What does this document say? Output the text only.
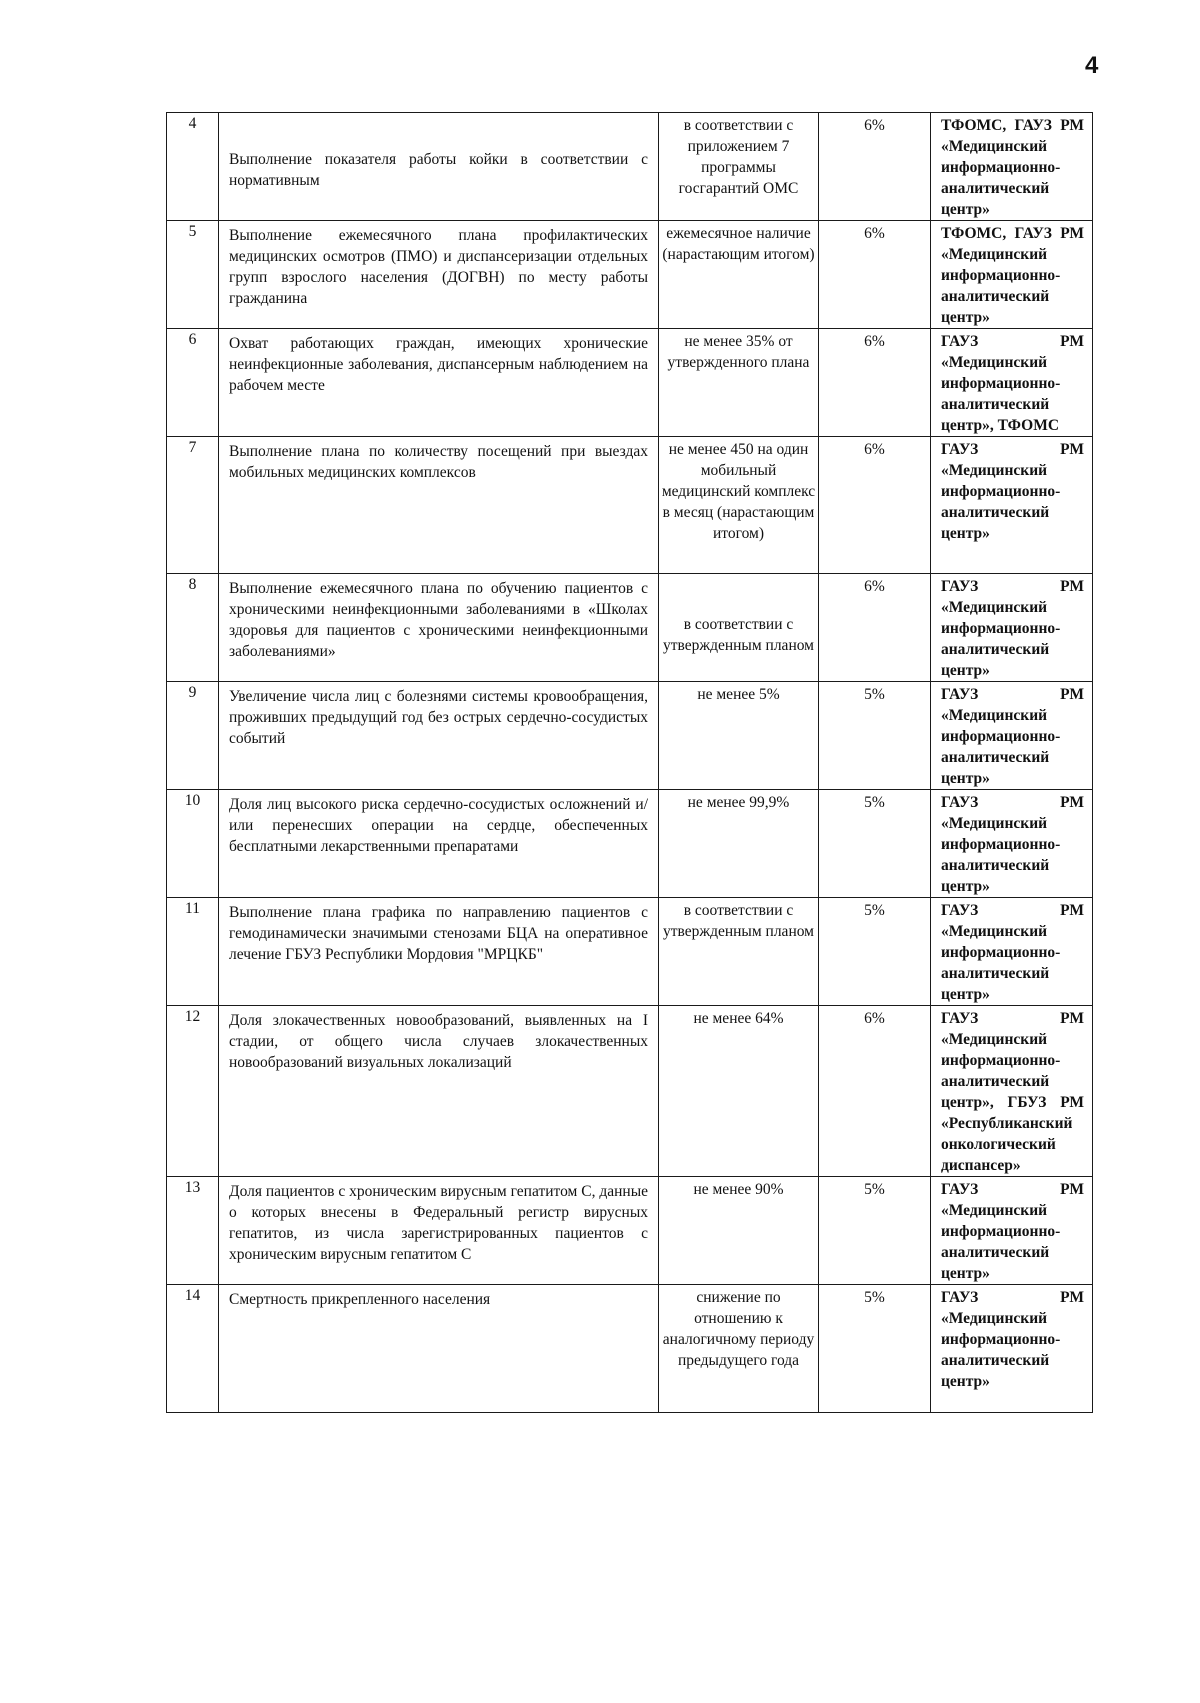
4
4	Выполнение показателя работы койки в соответствии с нормативным	в соответствии с приложением 7 программы госгарантий ОМС	6%	ТФОМС, ГАУЗ РМ «Медицинский информационно-аналитический центр»
5	Выполнение ежемесячного плана профилактических медицинских осмотров (ПМО) и диспансеризации отдельных групп взрослого населения (ДОГВН) по месту работы гражданина	ежемесячное наличие (нарастающим итогом)	6%	ТФОМС, ГАУЗ РМ «Медицинский информационно-аналитический центр»
6	Охват работающих граждан, имеющих хронические неинфекционные заболевания, диспансерным наблюдением на рабочем месте	не менее 35% от утвержденного плана	6%	ГАУЗ РМ «Медицинский информационно-аналитический центр», ТФОМС
7	Выполнение плана по количеству посещений при выездах мобильных медицинских комплексов	не менее 450 на один мобильный медицинский комплекс в месяц (нарастающим итогом)	6%	ГАУЗ РМ «Медицинский информационно-аналитический центр»
8	Выполнение ежемесячного плана по обучению пациентов с хроническими неинфекционными заболеваниями в «Школах здоровья для пациентов с хроническими неинфекционными заболеваниями»	в соответствии с утвержденным планом	6%	ГАУЗ РМ «Медицинский информационно-аналитический центр»
9	Увеличение числа лиц с болезнями системы кровообращения, проживших предыдущий год без острых сердечно-сосудистых событий	не менее 5%	5%	ГАУЗ РМ «Медицинский информационно-аналитический центр»
10	Доля лиц высокого риска сердечно-сосудистых осложнений и/или перенесших операции на сердце, обеспеченных бесплатными лекарственными препаратами	не менее 99,9%	5%	ГАУЗ РМ «Медицинский информационно-аналитический центр»
11	Выполнение плана графика по направлению пациентов с гемодинамически значимыми стенозами БЦА на оперативное лечение ГБУЗ Республики Мордовия "МРЦКБ"	в соответствии с утвержденным планом	5%	ГАУЗ РМ «Медицинский информационно-аналитический центр»
12	Доля злокачественных новообразований, выявленных на I стадии, от общего числа случаев злокачественных новообразований визуальных локализаций	не менее 64%	6%	ГАУЗ РМ «Медицинский информационно-аналитический центр», ГБУЗ РМ «Республиканский онкологический диспансер»
13	Доля пациентов с хроническим вирусным гепатитом С, данные о которых внесены в Федеральный регистр вирусных гепатитов, из числа зарегистрированных пациентов с хроническим вирусным гепатитом С	не менее 90%	5%	ГАУЗ РМ «Медицинский информационно-аналитический центр»
14	Смертность прикрепленного населения	снижение по отношению к аналогичному периоду предыдущего года	5%	ГАУЗ РМ «Медицинский информационно-аналитический центр»
